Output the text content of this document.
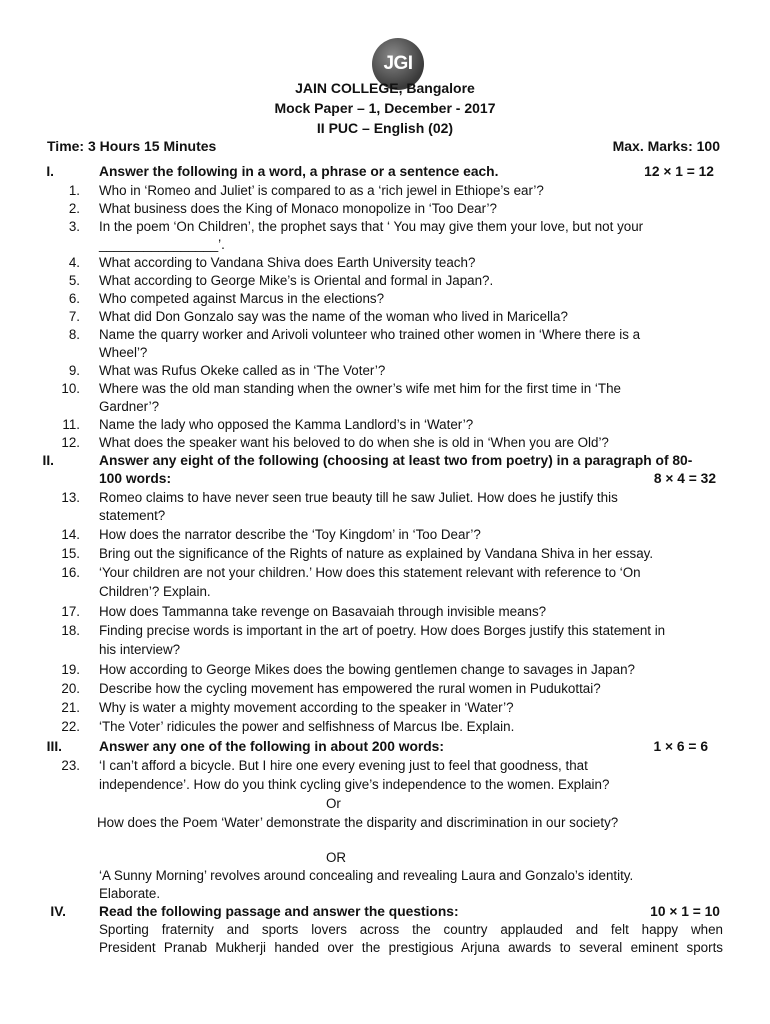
JGI
JAIN COLLEGE, Bangalore
Mock Paper – 1, December - 2017
II PUC – English (02)
Time: 3 Hours 15 Minutes	Max. Marks: 100
I.	Answer the following in a word, a phrase or a sentence each.	12 × 1 = 12
1. Who in ‘Romeo and Juliet’ is compared to as a ‘rich jewel in Ethiope’s ear’?
2. What business does the King of Monaco monopolize in ‘Too Dear’?
3. In the poem ‘On Children’, the prophet says that ‘ You may give them your love, but not your
________________’.
4. What according to Vandana Shiva does Earth University teach?
5. What according to George Mike’s is Oriental and formal in Japan?.
6. Who competed against Marcus in the elections?
7. What did Don Gonzalo say was the name of the woman who lived in Maricella?
8. Name the quarry worker and Arivoli volunteer who trained other women in ‘Where there is a
Wheel’?
9. What was Rufus Okeke called as in ‘The Voter’?
10. Where was the old man standing when the owner’s wife met him for the first time in ‘The
Gardner’?
11. Name the lady who opposed the Kamma Landlord’s in ‘Water’?
12. What does the speaker want his beloved to do when she is old in ‘When you are Old’?
II.	Answer any eight of the following (choosing at least two from poetry) in a paragraph of 80-
100 words:	8 × 4 = 32
13. Romeo claims to have never seen true beauty till he saw Juliet. How does he justify this
statement?
14. How does the narrator describe the ‘Toy Kingdom’ in ‘Too Dear’?
15. Bring out the significance of the Rights of nature as explained by Vandana Shiva in her essay.
16. ‘Your children are not your children.’ How does this statement relevant with reference to ‘On
Children’? Explain.
17. How does Tammanna take revenge on Basavaiah through invisible means?
18. Finding precise words is important in the art of poetry. How does Borges justify this statement in
his interview?
19. How according to George Mikes does the bowing gentlemen change to savages in Japan?
20. Describe how the cycling movement has empowered the rural women in Pudukottai?
21. Why is water a mighty movement according to the speaker in ‘Water’?
22. ‘The Voter’ ridicules the power and selfishness of Marcus Ibe. Explain.
III.	Answer any one of the following in about 200 words:	1 × 6 = 6
23. ‘I can’t afford a bicycle. But I hire one every evening just to feel that goodness, that
independence’. How do you think cycling give’s independence to the women. Explain?
Or
How does the Poem ‘Water’ demonstrate the disparity and discrimination in our society?
OR
‘A Sunny Morning’ revolves around concealing and revealing Laura and Gonzalo’s identity.
Elaborate.
IV. Read the following passage and answer the questions:	10 × 1 = 10
Sporting fraternity and sports lovers across the country applauded and felt happy when
President Pranab Mukherji handed over the prestigious Arjuna awards to several eminent sports
